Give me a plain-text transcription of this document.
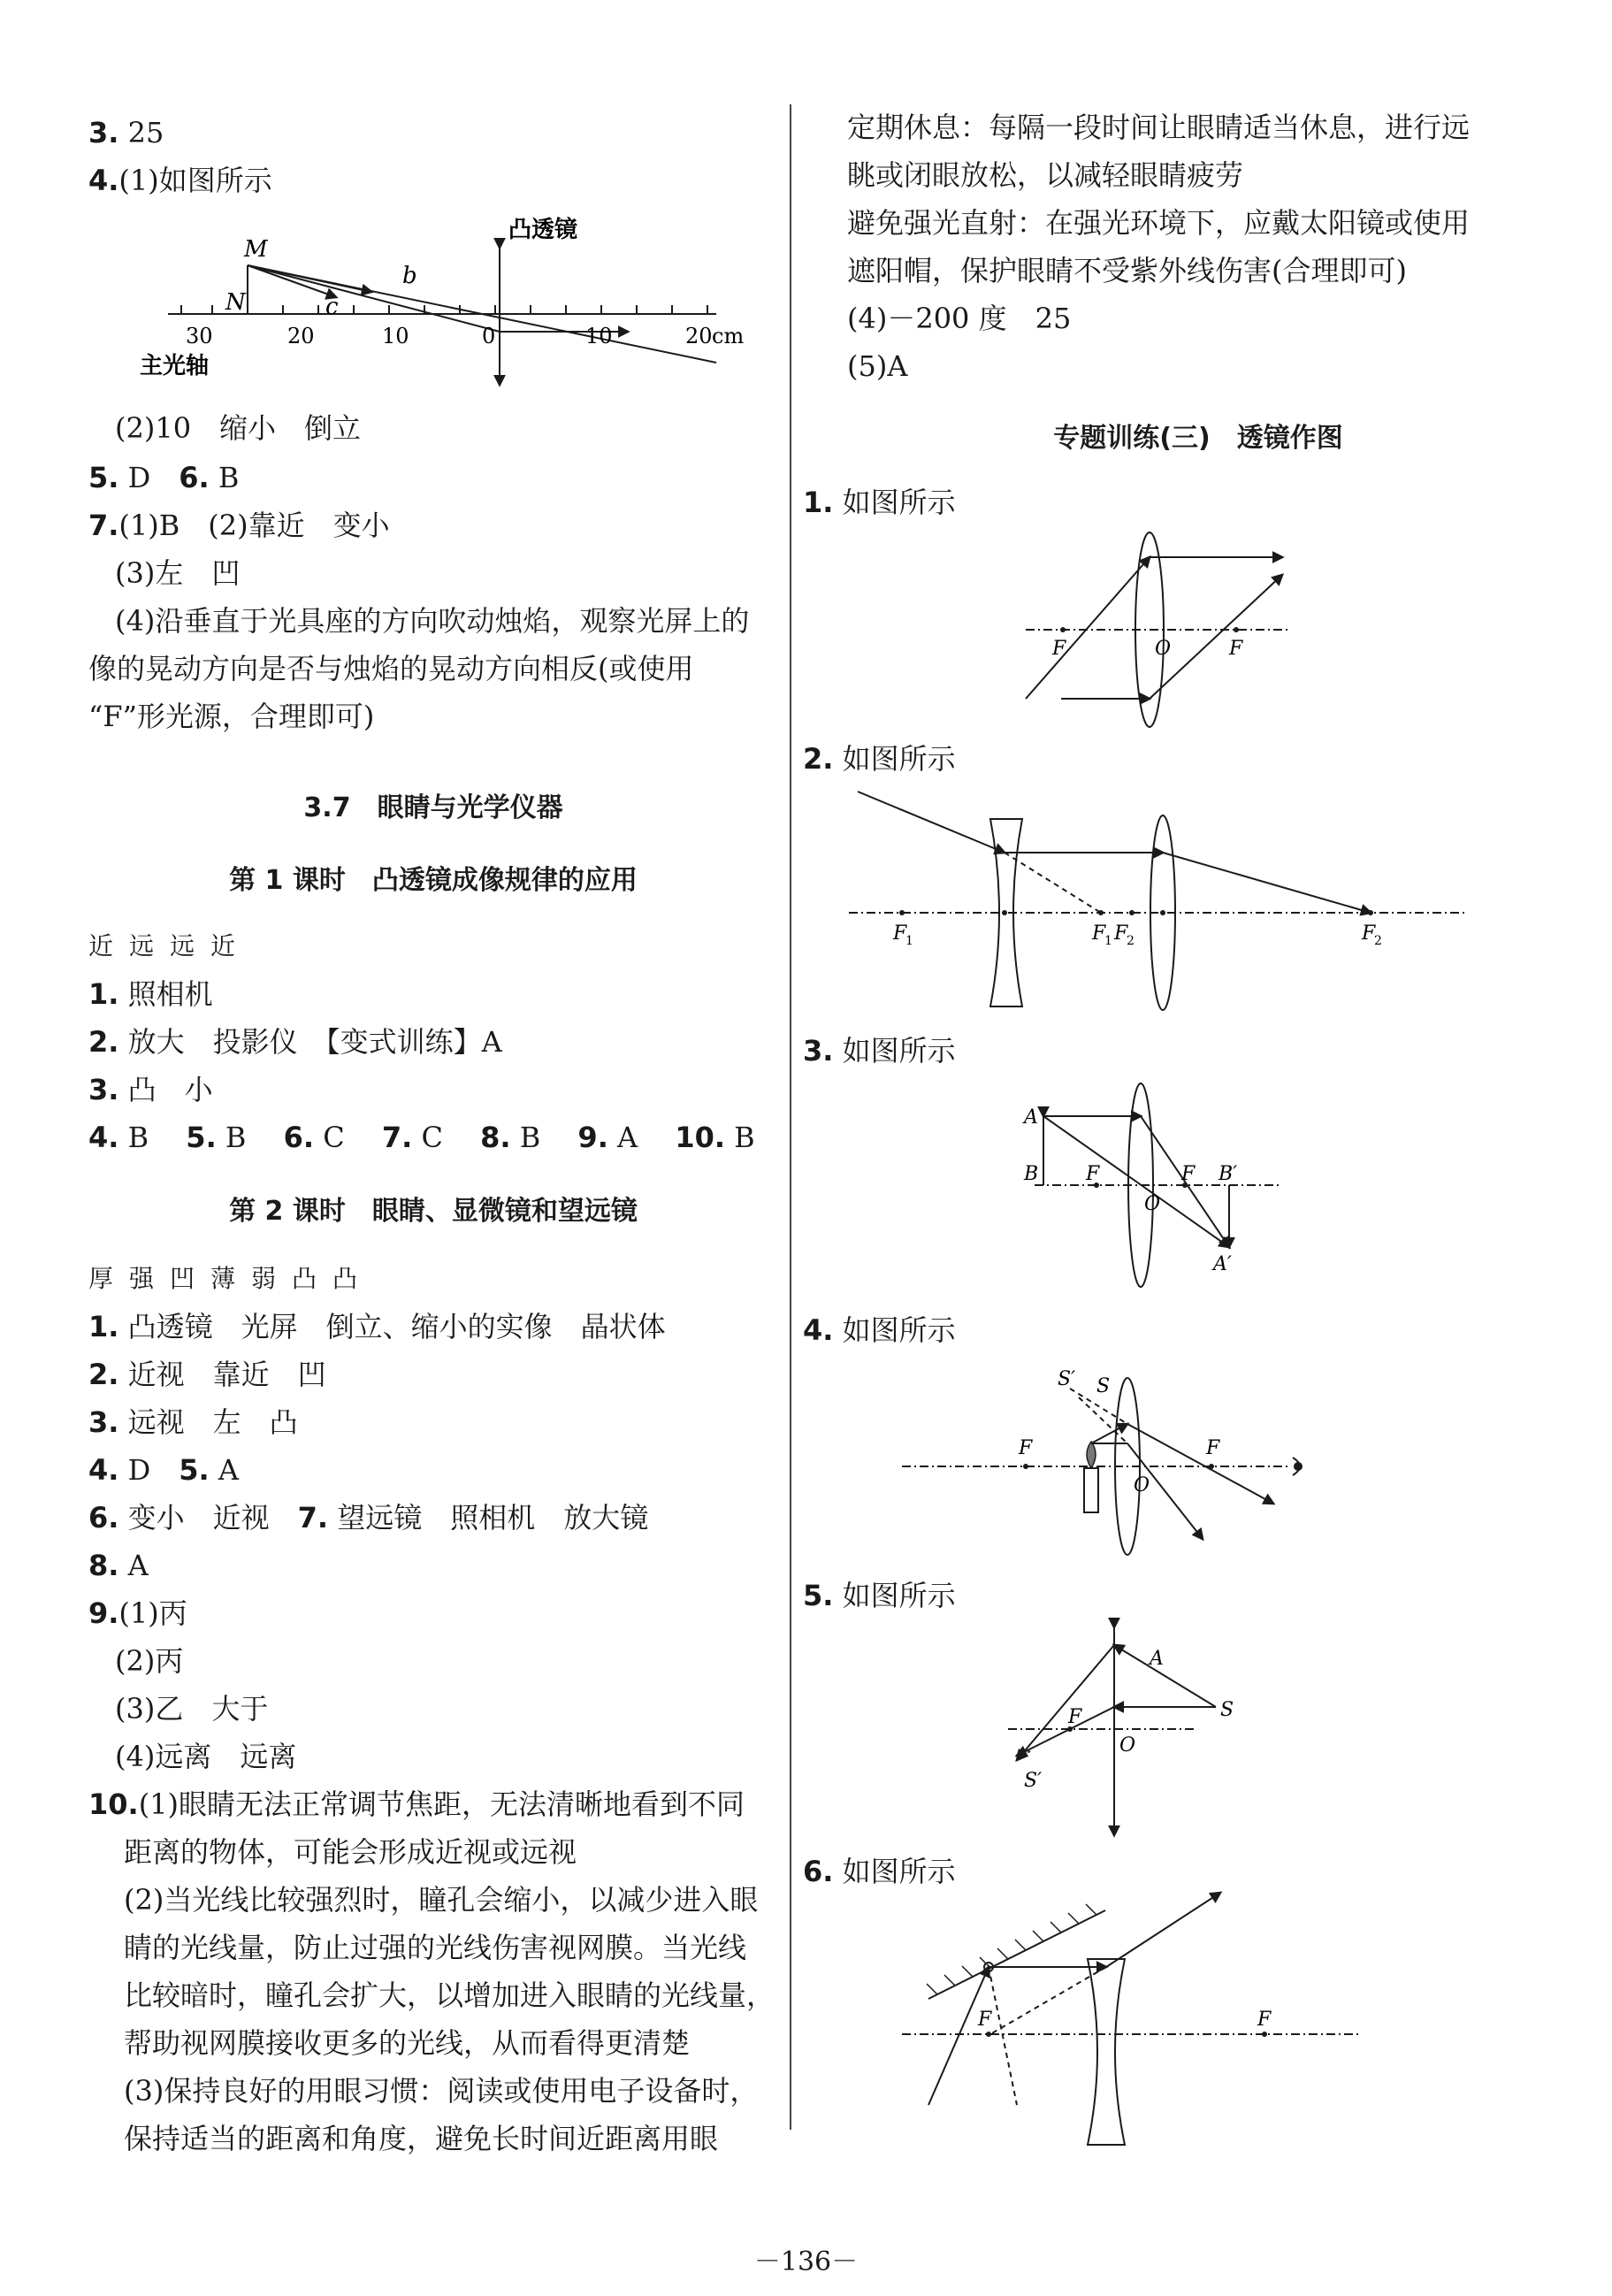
3. 25
4.(1)如图所示
凸透镜
M
N
b
c
30	20	10	0	10	20 cm
主光轴
(2)10　缩小　倒立
5. D　 6. B
7.(1)B　(2)靠近　变小
(3)左　凹
(4)沿垂直于光具座的方向吹动烛焰，观察光屏上的
像的晃动方向是否与烛焰的晃动方向相反(或使用
“F”形光源，合理即可)
3.7　眼睛与光学仪器
第 1 课时　凸透镜成像规律的应用
近远远近
1. 照相机
2. 放大　投影仪　【变式训练】A
3. 凸　小
4. B　 5. B　 6. C　 7. C　 8. B　 9. A　 10. B
第 2 课时　眼睛、显微镜和望远镜
厚强凹薄弱凸凸
1. 凸透镜　光屏　倒立、缩小的实像　晶状体
2. 近视　靠近　凹
3. 远视　左　凸
4. D　 5. A
6. 变小　近视　 7. 望远镜　照相机　放大镜
8. A
9.(1)丙
(2)丙
(3)乙　大于
(4)远离　远离
10.(1)眼睛无法正常调节焦距，无法清晰地看到不同
距离的物体，可能会形成近视或远视
(2)当光线比较强烈时，瞳孔会缩小，以减少进入眼
睛的光线量，防止过强的光线伤害视网膜。当光线
比较暗时，瞳孔会扩大，以增加进入眼睛的光线量，
帮助视网膜接收更多的光线，从而看得更清楚
(3)保持良好的用眼习惯：阅读或使用电子设备时，
保持适当的距离和角度，避免长时间近距离用眼
定期休息：每隔一段时间让眼睛适当休息，进行远
眺或闭眼放松，以减轻眼睛疲劳
避免强光直射：在强光环境下，应戴太阳镜或使用
遮阳帽，保护眼睛不受紫外线伤害(合理即可)
(4)－200 度　25
(5)A
专题训练(三)　透镜作图
1. 如图所示
F	O	F
2. 如图所示
F
1	F
1 F
2	F
2
3. 如图所示
A
B F
O
F B′
A′
4. 如图所示
S′ S
F
O
F
5. 如图所示
A
S
F
O
S′
6. 如图所示
F	F
－136－
